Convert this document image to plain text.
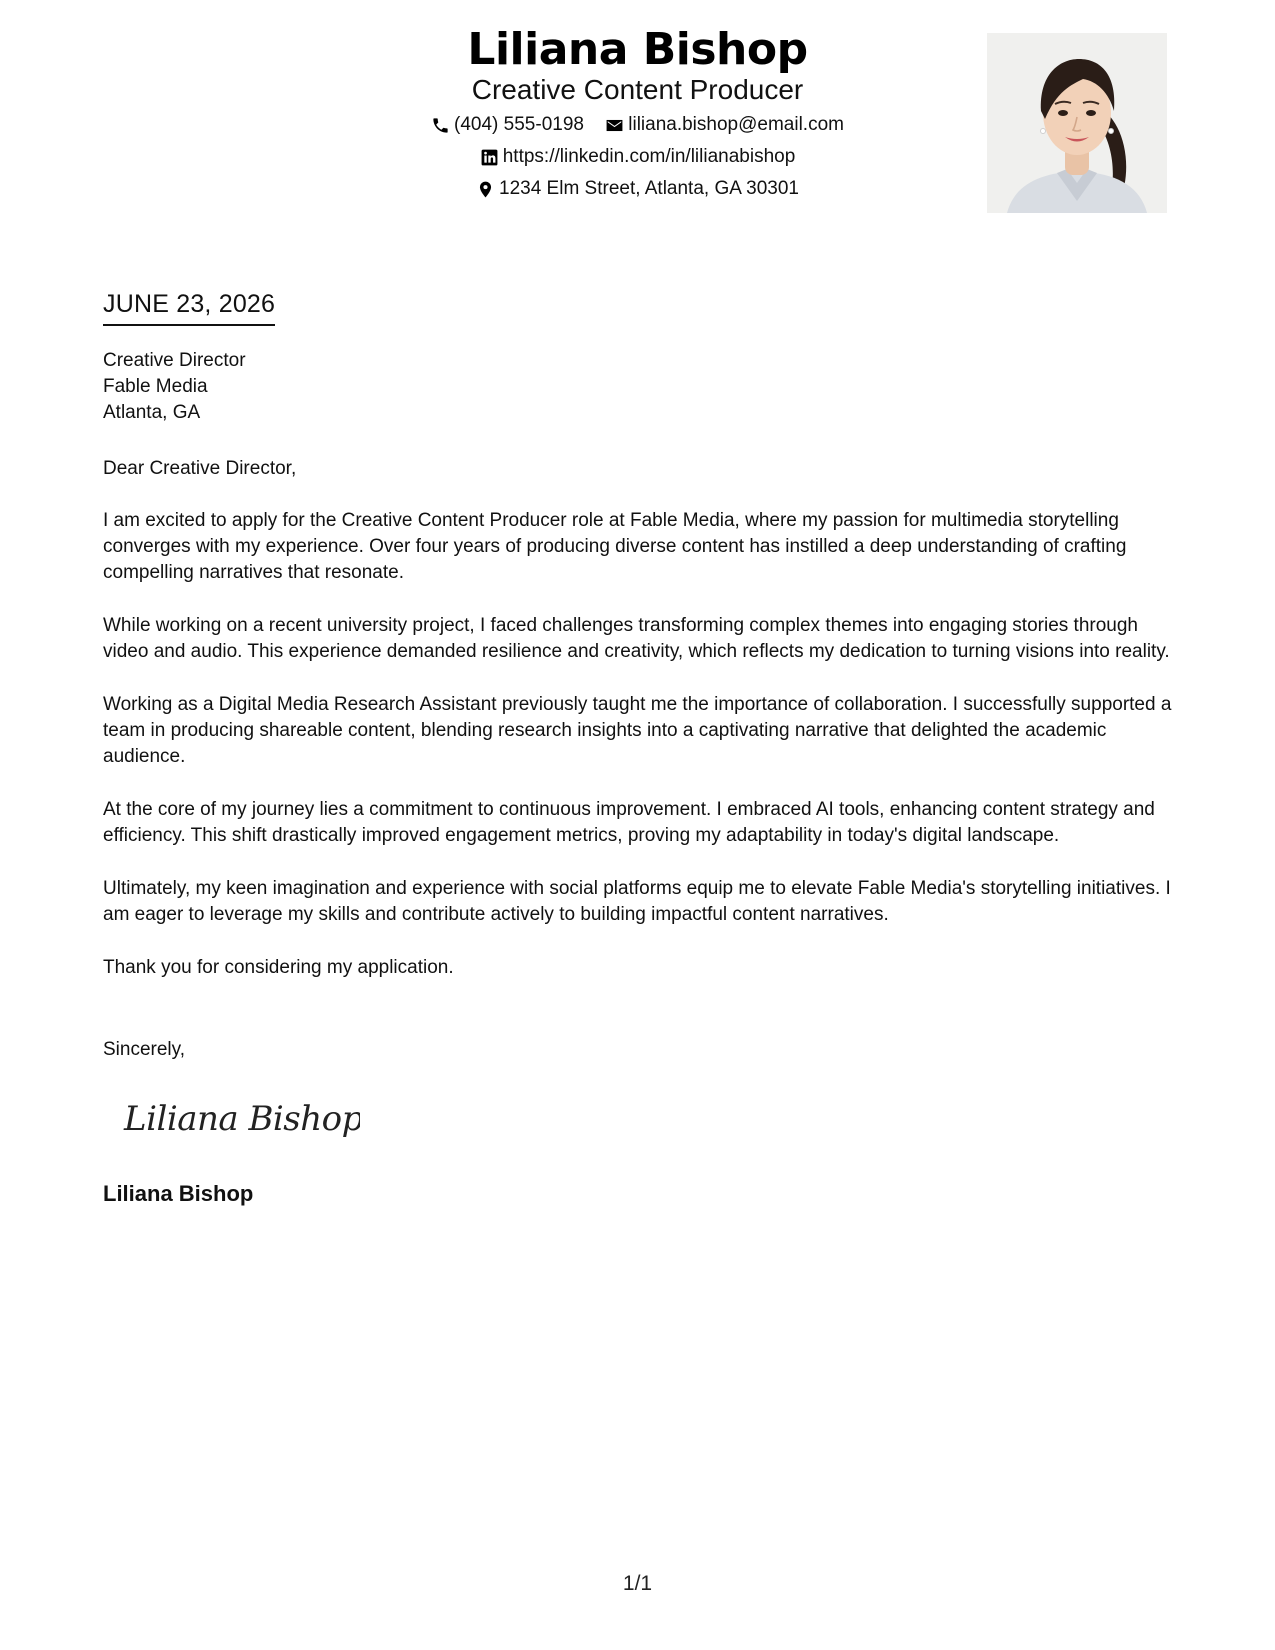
Liliana Bishop
Creative Content Producer
(404) 555-0198
liliana.bishop@email.com
https://linkedin.com/in/lilianabishop
1234 Elm Street, Atlanta, GA 30301
JUNE 23, 2026
Creative Director
Fable Media
Atlanta, GA

Dear Creative Director,

I am excited to apply for the Creative Content Producer role at Fable Media, where my passion for multimedia storytelling converges with my experience. Over four years of producing diverse content has instilled a deep understanding of crafting compelling narratives that resonate.

While working on a recent university project, I faced challenges transforming complex themes into engaging stories through video and audio. This experience demanded resilience and creativity, which reflects my dedication to turning visions into reality.

Working as a Digital Media Research Assistant previously taught me the importance of collaboration. I successfully supported a team in producing shareable content, blending research insights into a captivating narrative that delighted the academic audience.

At the core of my journey lies a commitment to continuous improvement. I embraced AI tools, enhancing content strategy and efficiency. This shift drastically improved engagement metrics, proving my adaptability in today's digital landscape.

Ultimately, my keen imagination and experience with social platforms equip me to elevate Fable Media's storytelling initiatives. I am eager to leverage my skills and contribute actively to building impactful content narratives.

Thank you for considering my application.

Sincerely,
Liliana Bishop
Liliana Bishop
1/1
